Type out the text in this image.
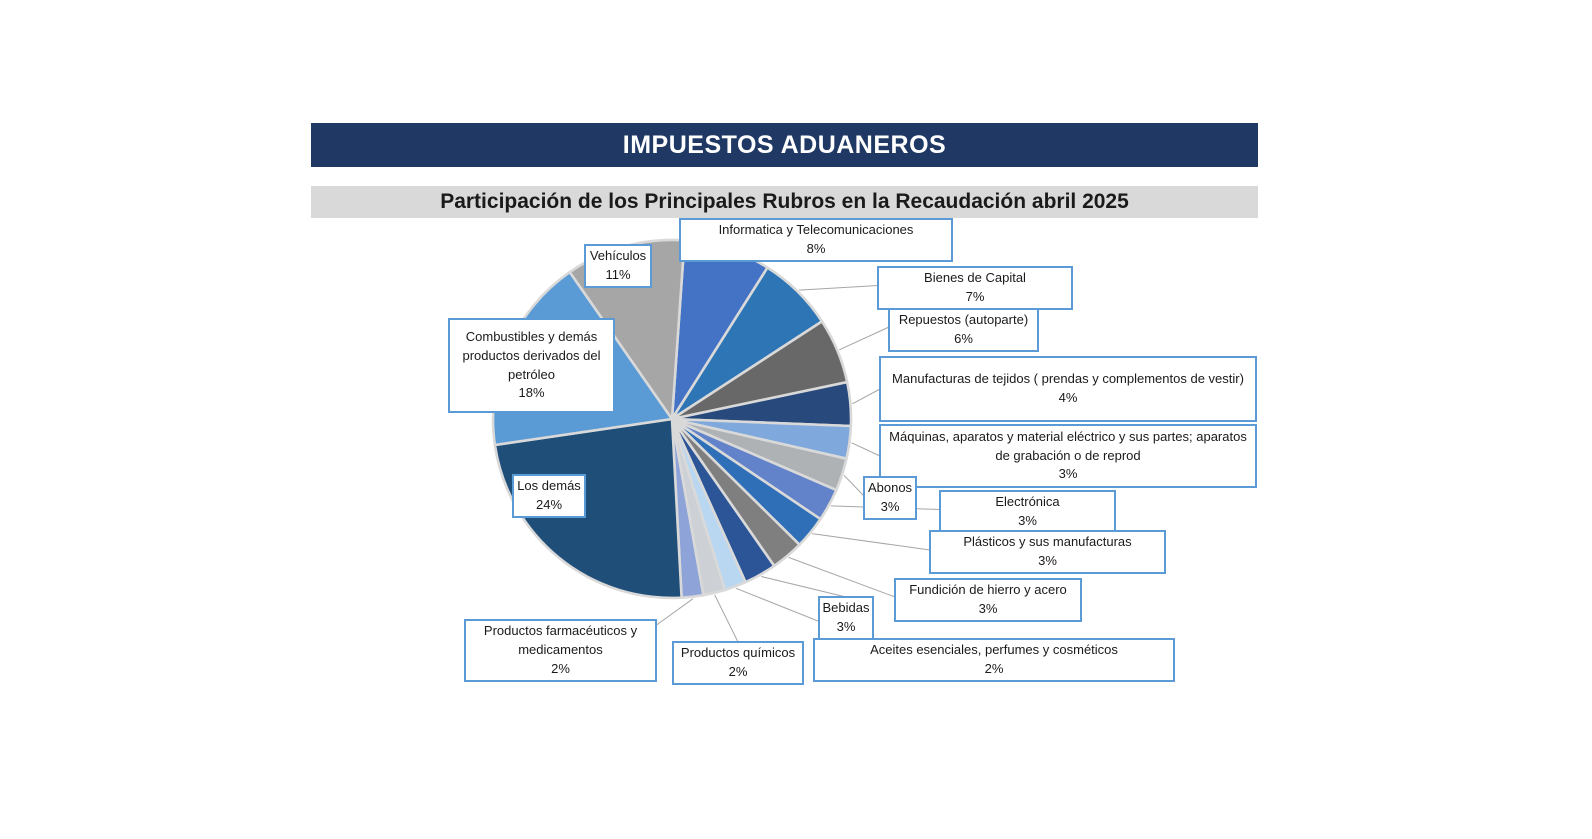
IMPUESTOS ADUANEROS
Participación de los Principales Rubros en la Recaudación abril 2025
Informatica y Telecomunicaciones
8%
Bienes de Capital
7%
Repuestos (autoparte)
6%
Manufacturas de tejidos ( prendas y complementos de vestir)
4%
Máquinas, aparatos y material eléctrico y sus partes; aparatos de grabación o de reprod
3%
Abonos
3%	Electrónica
3%
Plásticos y sus manufacturas
3%
Fundición de hierro y acero
3%
Bebidas
3%
Aceites esenciales, perfumes y cosméticos
2%
Productos químicos
2%
Productos farmacéuticos y medicamentos
2%
Los demás
24%
Combustibles y demás productos derivados del petróleo
18%
Vehículos
11%
